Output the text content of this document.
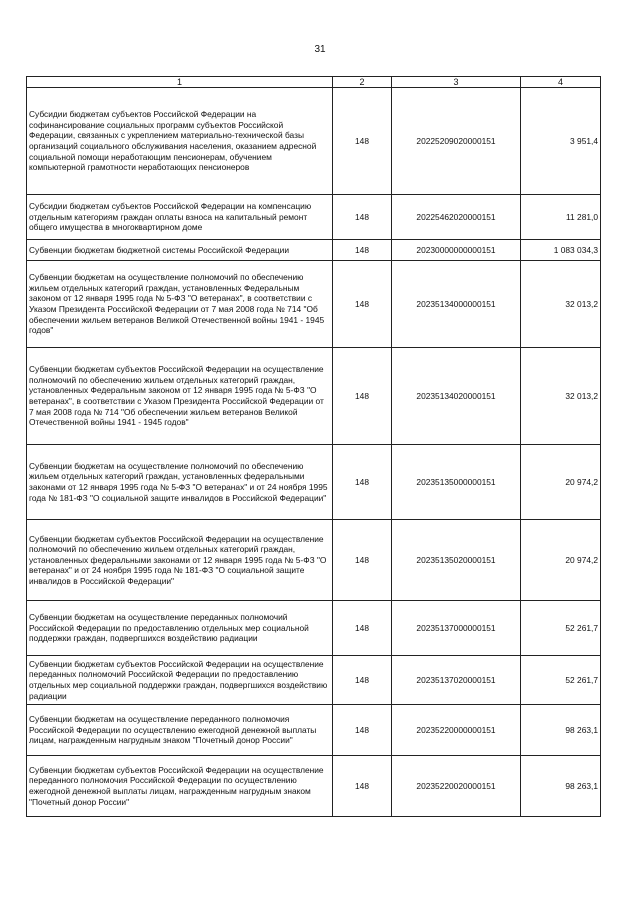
31
1	2	3	4
Субсидии бюджетам субъектов Российской Федерации на софинансирование социальных программ субъектов Российской Федерации, связанных с укреплением материально-технической базы организаций социального обслуживания населения, оказанием адресной социальной помощи неработающим пенсионерам, обучением компьютерной грамотности неработающих пенсионеров	148	20225209020000151	3 951,4
Субсидии бюджетам субъектов Российской Федерации на компенсацию отдельным категориям граждан оплаты взноса на капитальный ремонт общего имущества в многоквартирном доме	148	20225462020000151	11 281,0
Субвенции бюджетам бюджетной системы Российской Федерации	148	20230000000000151	1 083 034,3
Субвенции бюджетам на осуществление полномочий по обеспечению жильем отдельных категорий граждан, установленных Федеральным законом от 12 января 1995 года № 5-ФЗ "О ветеранах", в соответствии с Указом Президента Российской Федерации от 7 мая 2008 года № 714 "Об обеспечении жильем ветеранов Великой Отечественной войны 1941 - 1945 годов"	148	20235134000000151	32 013,2
Субвенции бюджетам субъектов Российской Федерации на осуществление полномочий по обеспечению жильем отдельных категорий граждан, установленных Федеральным законом от 12 января 1995 года № 5-ФЗ "О ветеранах", в соответствии с Указом Президента Российской Федерации от 7 мая 2008 года № 714 "Об обеспечении жильем ветеранов Великой Отечественной войны 1941 - 1945 годов"	148	20235134020000151	32 013,2
Субвенции бюджетам на осуществление полномочий по обеспечению жильем отдельных категорий граждан, установленных федеральными законами от 12 января 1995 года № 5-ФЗ "О ветеранах" и от 24 ноября 1995 года № 181-ФЗ "О социальной защите инвалидов в Российской Федерации"	148	20235135000000151	20 974,2
Субвенции бюджетам субъектов Российской Федерации на осуществление полномочий по обеспечению жильем отдельных категорий граждан, установленных федеральными законами от 12 января 1995 года № 5-ФЗ "О ветеранах" и от 24 ноября 1995 года № 181-ФЗ "О социальной защите инвалидов в Российской Федерации"	148	20235135020000151	20 974,2
Субвенции бюджетам на осуществление переданных полномочий Российской Федерации по предоставлению отдельных мер социальной поддержки граждан, подвергшихся воздействию радиации	148	20235137000000151	52 261,7
Субвенции бюджетам субъектов Российской Федерации на осуществление переданных полномочий Российской Федерации по предоставлению отдельных мер социальной поддержки граждан, подвергшихся воздействию радиации	148	20235137020000151	52 261,7
Субвенции бюджетам на осуществление переданного полномочия Российской Федерации по осуществлению ежегодной денежной выплаты лицам, награжденным нагрудным знаком "Почетный донор России"	148	20235220000000151	98 263,1
Субвенции бюджетам субъектов Российской Федерации на осуществление переданного полномочия Российской Федерации по осуществлению ежегодной денежной выплаты лицам, награжденным нагрудным знаком "Почетный донор России"	148	20235220020000151	98 263,1
